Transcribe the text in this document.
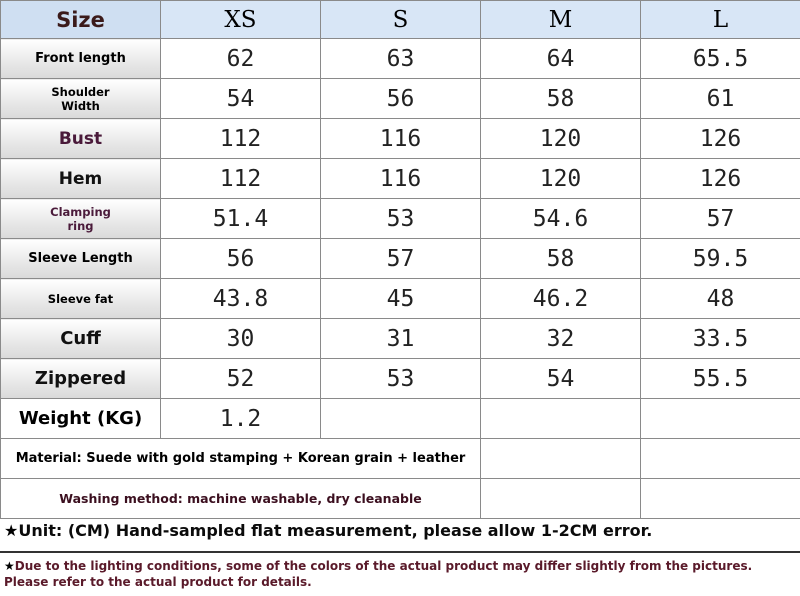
Size	XS	S	M	L
Front length	62	63	64	65.5
Shoulder
Width	54	56	58	61
Bust	112	116	120	126
Hem	112	116	120	126
Clamping
ring	51.4	53	54.6	57
Sleeve Length	56	57	58	59.5
Sleeve fat	43.8	45	46.2	48
Cuff	30	31	32	33.5
Zippered	52	53	54	55.5
Weight (KG)	1.2			
Material: Suede with gold stamping + Korean grain + leather				
Washing method: machine washable, dry cleanable				
★Unit: (CM) Hand-sampled flat measurement, please allow 1-2CM error.
★Due to the lighting conditions, some of the colors of the actual product may differ slightly from the pictures. Please refer to the actual product for details.
